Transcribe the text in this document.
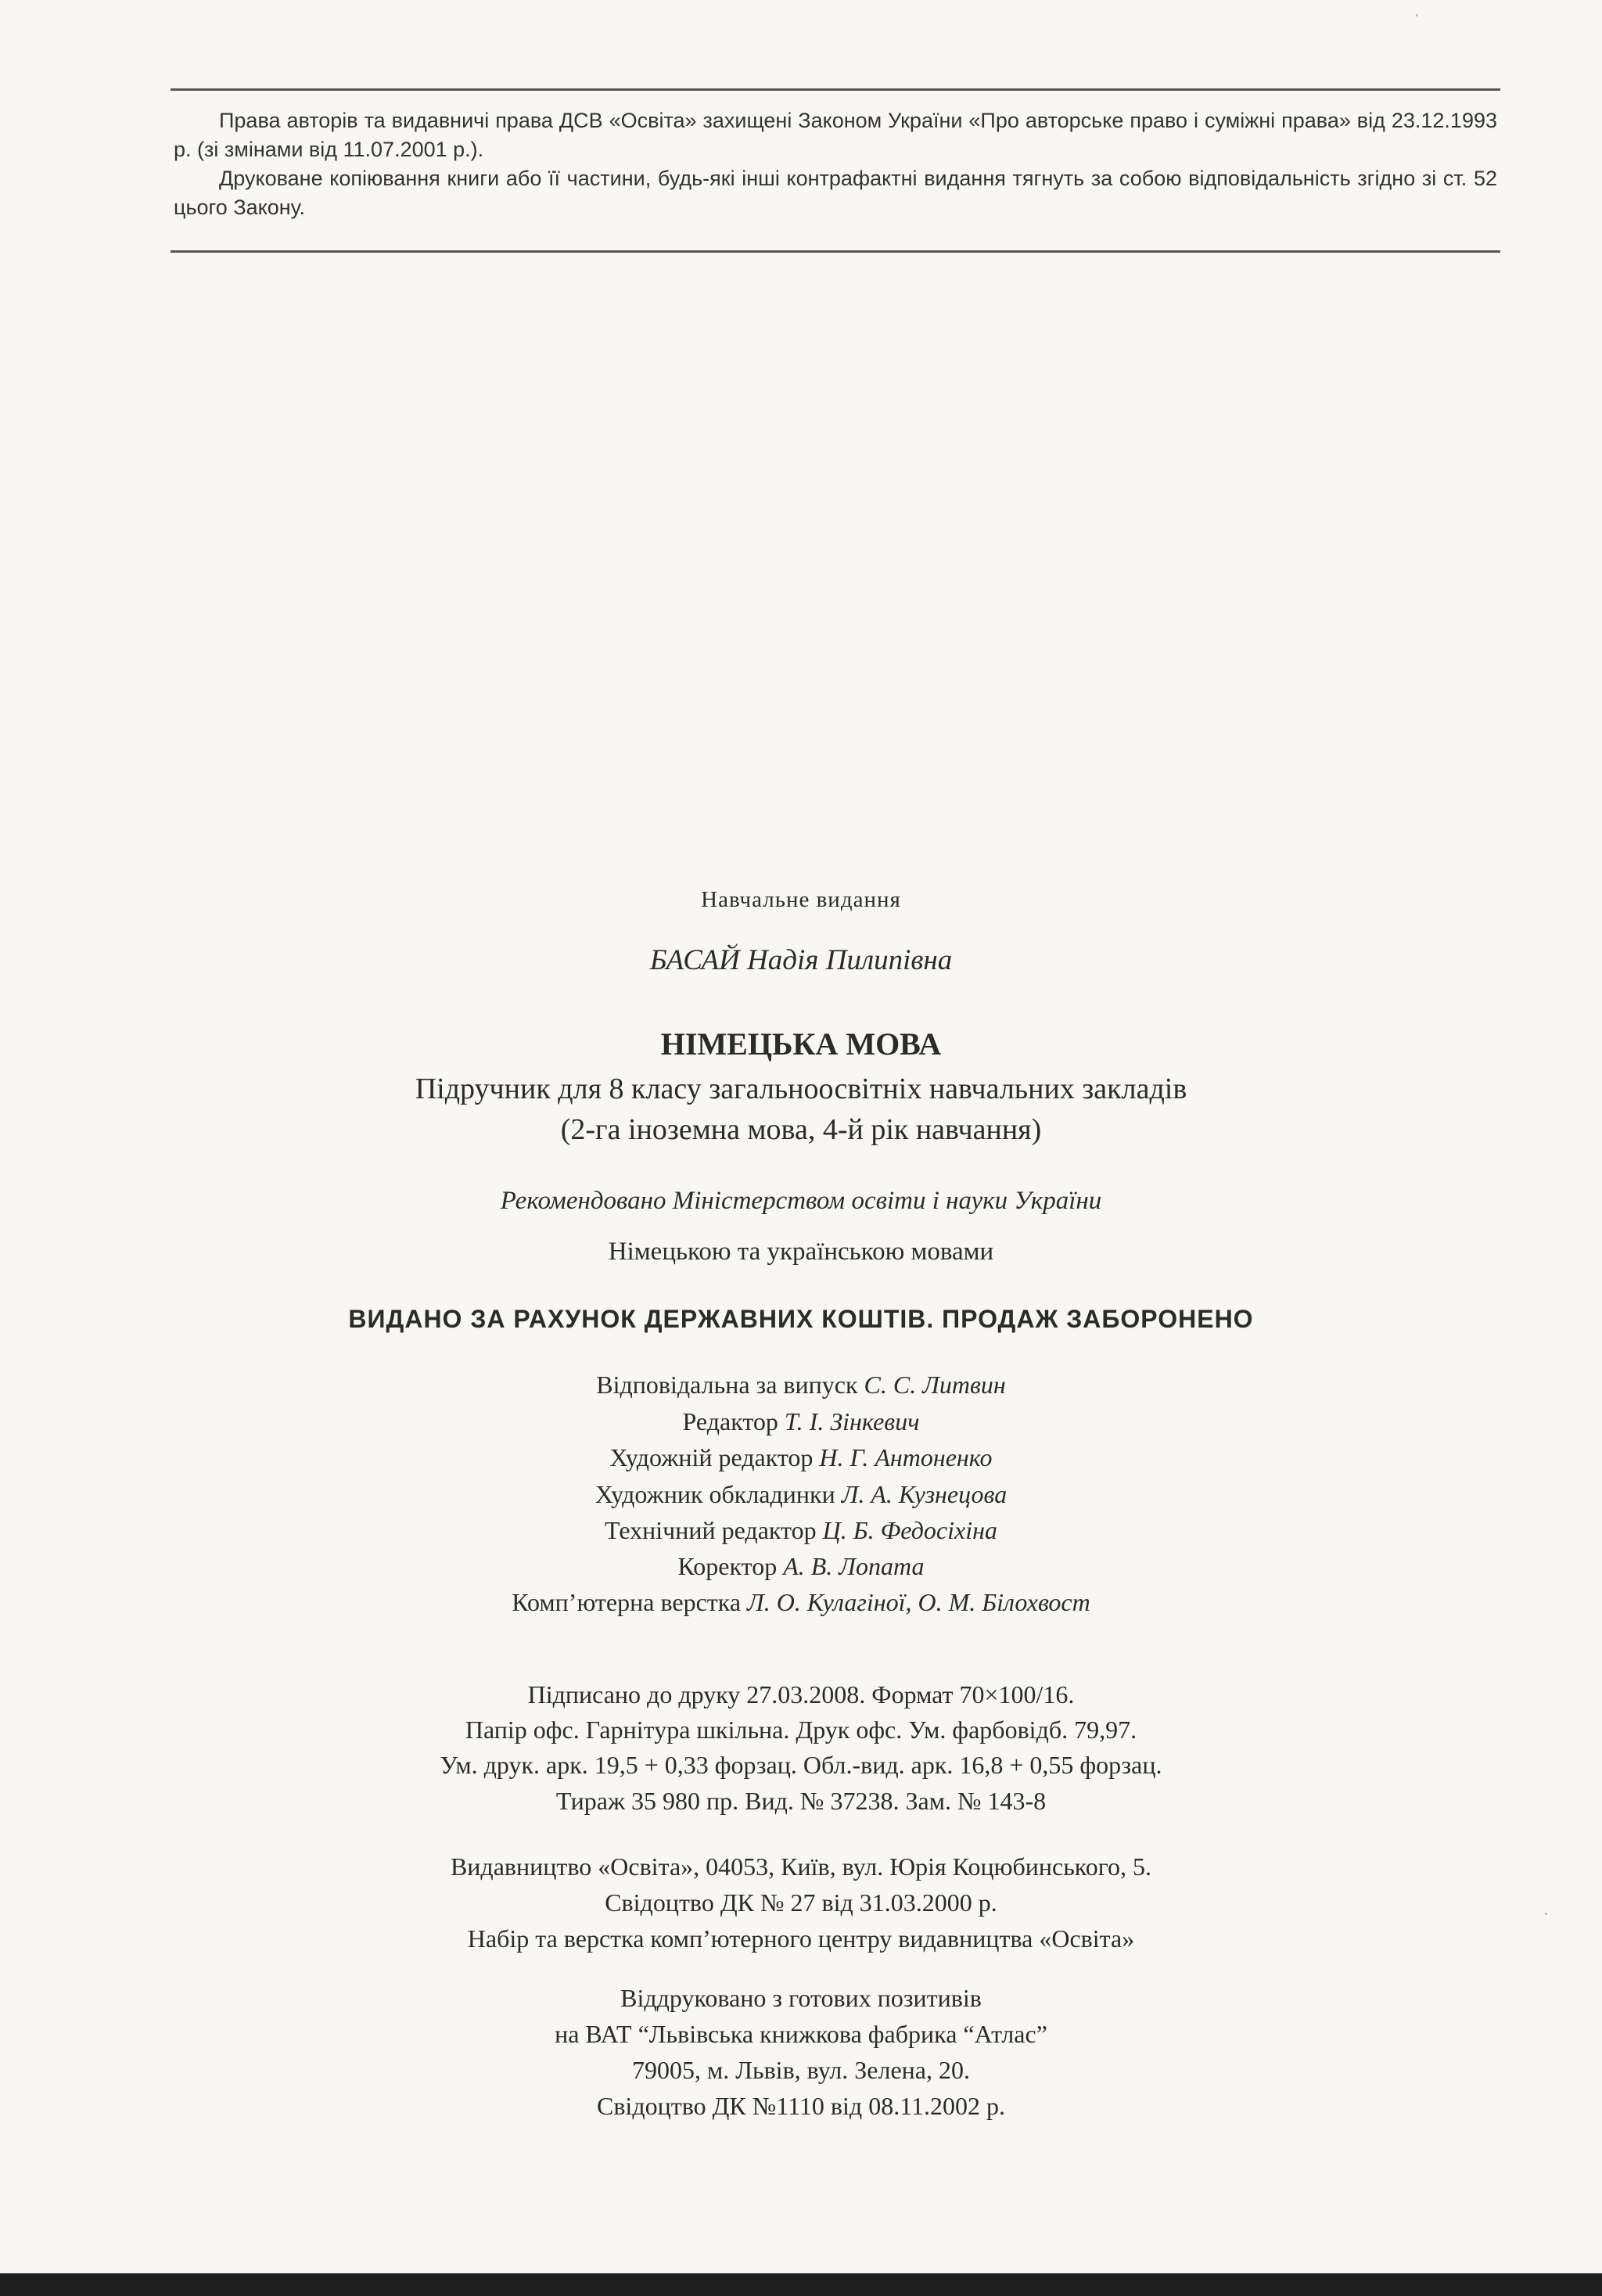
Права авторів та видавничі права ДСВ «Освіта» захищені Законом України «Про авторське право і суміжні права» від 23.12.1993 р. (зі змінами від 11.07.2001 р.).

Друковане копіювання книги або її частини, будь-які інші контрафактні видання тягнуть за собою відповідальність згідно зі ст. 52 цього Закону.

Навчальне видання
БАСАЙ Надія Пилипівна
НІМЕЦЬКА МОВА
Підручник для 8 класу загальноосвітніх навчальних закладів
(2-га іноземна мова, 4-й рік навчання)
Рекомендовано Міністерством освіти і науки України
Німецькою та українською мовами
ВИДАНО ЗА РАХУНОК ДЕРЖАВНИХ КОШТІВ. ПРОДАЖ ЗАБОРОНЕНО
Відповідальна за випуск С. С. Литвин
Редактор Т. І. Зінкевич
Художній редактор Н. Г. Антоненко
Художник обкладинки Л. А. Кузнецова
Технічний редактор Ц. Б. Федосіхіна
Коректор А. В. Лопата
Комп’ютерна верстка Л. О. Кулагіної, О. М. Білохвост
Підписано до друку 27.03.2008. Формат 70×100/16.
Папір офс. Гарнітура шкільна. Друк офс. Ум. фарбовідб. 79,97.
Ум. друк. арк. 19,5 + 0,33 форзац. Обл.-вид. арк. 16,8 + 0,55 форзац.
Тираж 35 980 пр. Вид. № 37238. Зам. № 143-8
Видавництво «Освіта», 04053, Київ, вул. Юрія Коцюбинського, 5.
Свідоцтво ДК № 27 від 31.03.2000 р.
Набір та верстка комп’ютерного центру видавництва «Освіта»
Віддруковано з готових позитивів
на ВАТ “Львівська книжкова фабрика “Атлас”
79005, м. Львів, вул. Зелена, 20.
Свідоцтво ДК №1110 від 08.11.2002 р.
